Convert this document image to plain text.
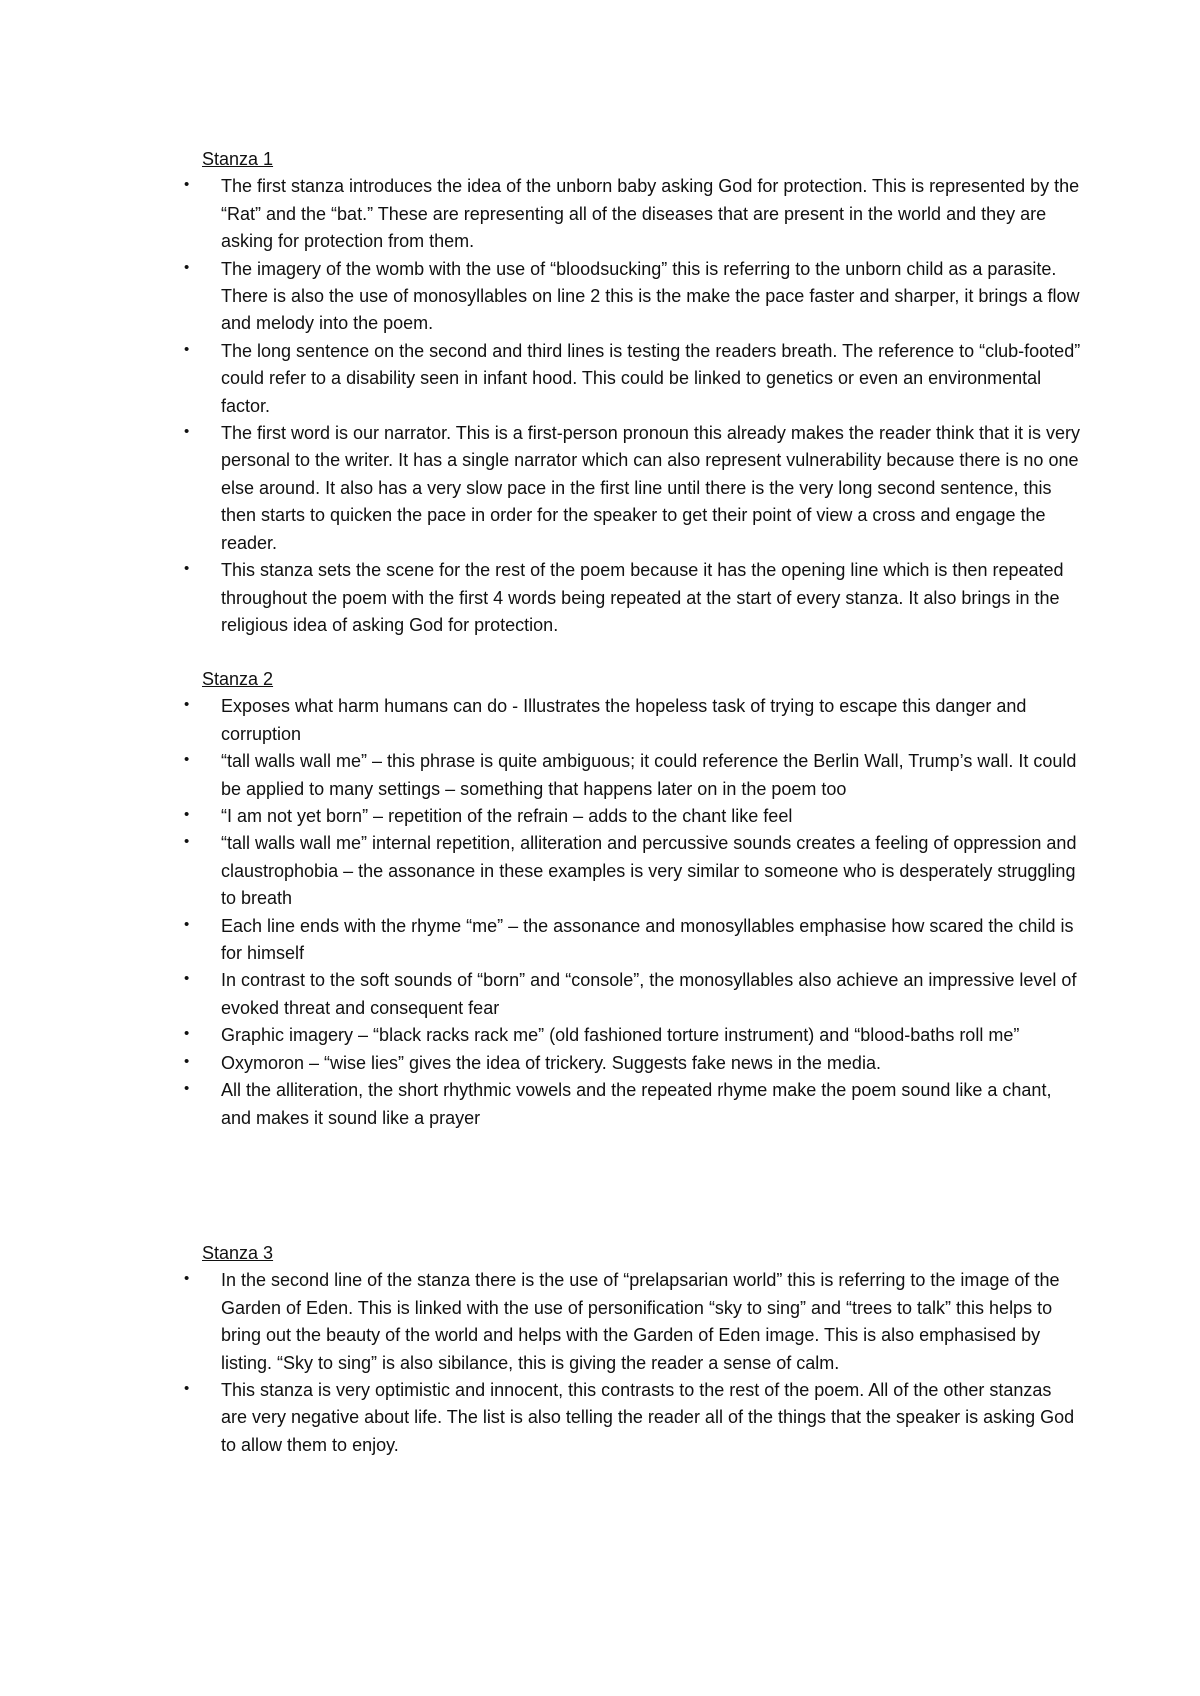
Stanza 1
• The first stanza introduces the idea of the unborn baby asking God for protection. This is represented by the “Rat” and the “bat.” These are representing all of the diseases that are present in the world and they are asking for protection from them.
• The imagery of the womb with the use of “bloodsucking” this is referring to the unborn child as a parasite. There is also the use of monosyllables on line 2 this is the make the pace faster and sharper, it brings a flow and melody into the poem.
• The long sentence on the second and third lines is testing the readers breath. The reference to “club-footed” could refer to a disability seen in infant hood. This could be linked to genetics or even an environmental factor.
• The first word is our narrator. This is a first-person pronoun this already makes the reader think that it is very personal to the writer. It has a single narrator which can also represent vulnerability because there is no one else around. It also has a very slow pace in the first line until there is the very long second sentence, this then starts to quicken the pace in order for the speaker to get their point of view a cross and engage the reader.
• This stanza sets the scene for the rest of the poem because it has the opening line which is then repeated throughout the poem with the first 4 words being repeated at the start of every stanza. It also brings in the religious idea of asking God for protection.
Stanza 2
• Exposes what harm humans can do - Illustrates the hopeless task of trying to escape this danger and corruption
• “tall walls wall me” – this phrase is quite ambiguous; it could reference the Berlin Wall, Trump’s wall. It could be applied to many settings – something that happens later on in the poem too
• “I am not yet born” – repetition of the refrain – adds to the chant like feel
• “tall walls wall me” internal repetition, alliteration and percussive sounds creates a feeling of oppression and claustrophobia – the assonance in these examples is very similar to someone who is desperately struggling to breath
• Each line ends with the rhyme “me” – the assonance and monosyllables emphasise how scared the child is for himself
• In contrast to the soft sounds of “born” and “console”, the monosyllables also achieve an impressive level of evoked threat and consequent fear
• Graphic imagery – “black racks rack me” (old fashioned torture instrument) and “blood-baths roll me”
• Oxymoron – “wise lies” gives the idea of trickery. Suggests fake news in the media.
• All the alliteration, the short rhythmic vowels and the repeated rhyme make the poem sound like a chant, and makes it sound like a prayer
Stanza 3
• In the second line of the stanza there is the use of “prelapsarian world” this is referring to the image of the Garden of Eden. This is linked with the use of personification “sky to sing” and “trees to talk” this helps to bring out the beauty of the world and helps with the Garden of Eden image. This is also emphasised by listing. “Sky to sing” is also sibilance, this is giving the reader a sense of calm.
• This stanza is very optimistic and innocent, this contrasts to the rest of the poem. All of the other stanzas are very negative about life. The list is also telling the reader all of the things that the speaker is asking God to allow them to enjoy.
